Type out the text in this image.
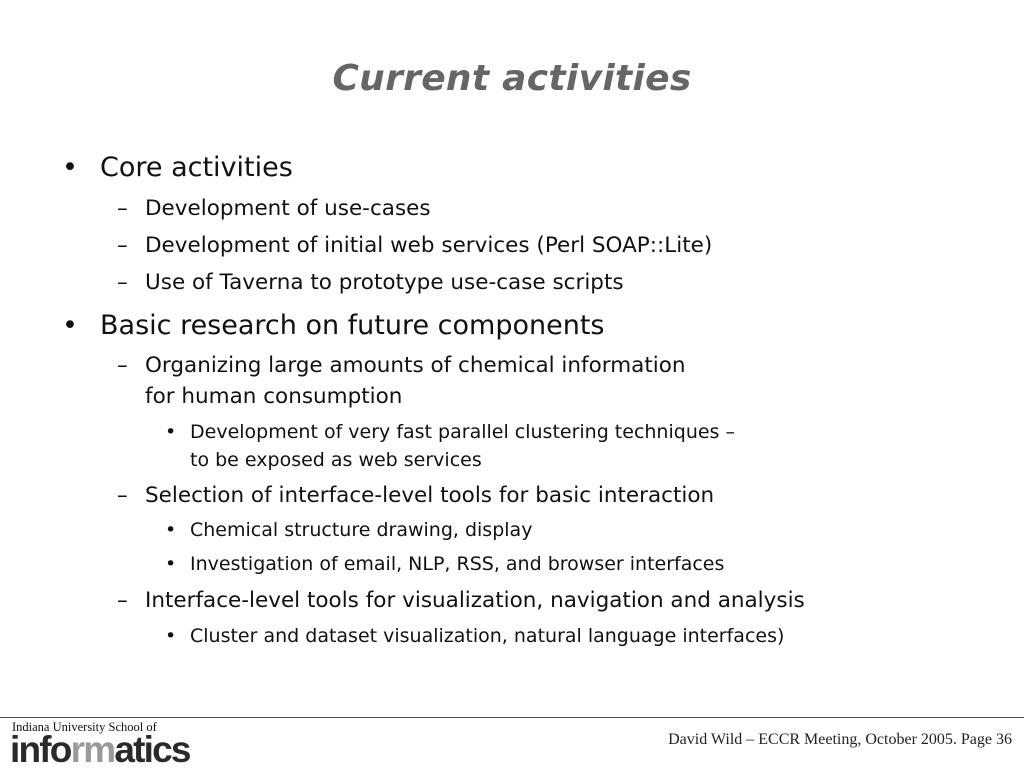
Current activities
• Core activities
– Development of use-cases
– Development of initial web services (Perl SOAP::Lite)
– Use of Taverna to prototype use-case scripts
• Basic research on future components
– Organizing large amounts of chemical information
for human consumption
• Development of very fast parallel clustering techniques –
to be exposed as web services
– Selection of interface-level tools for basic interaction
• Chemical structure drawing, display
• Investigation of email, NLP, RSS, and browser interfaces
– Interface-level tools for visualization, navigation and analysis
• Cluster and dataset visualization, natural language interfaces)
Indiana University School of
informatics	David Wild – ECCR Meeting, October 2005. Page 36
